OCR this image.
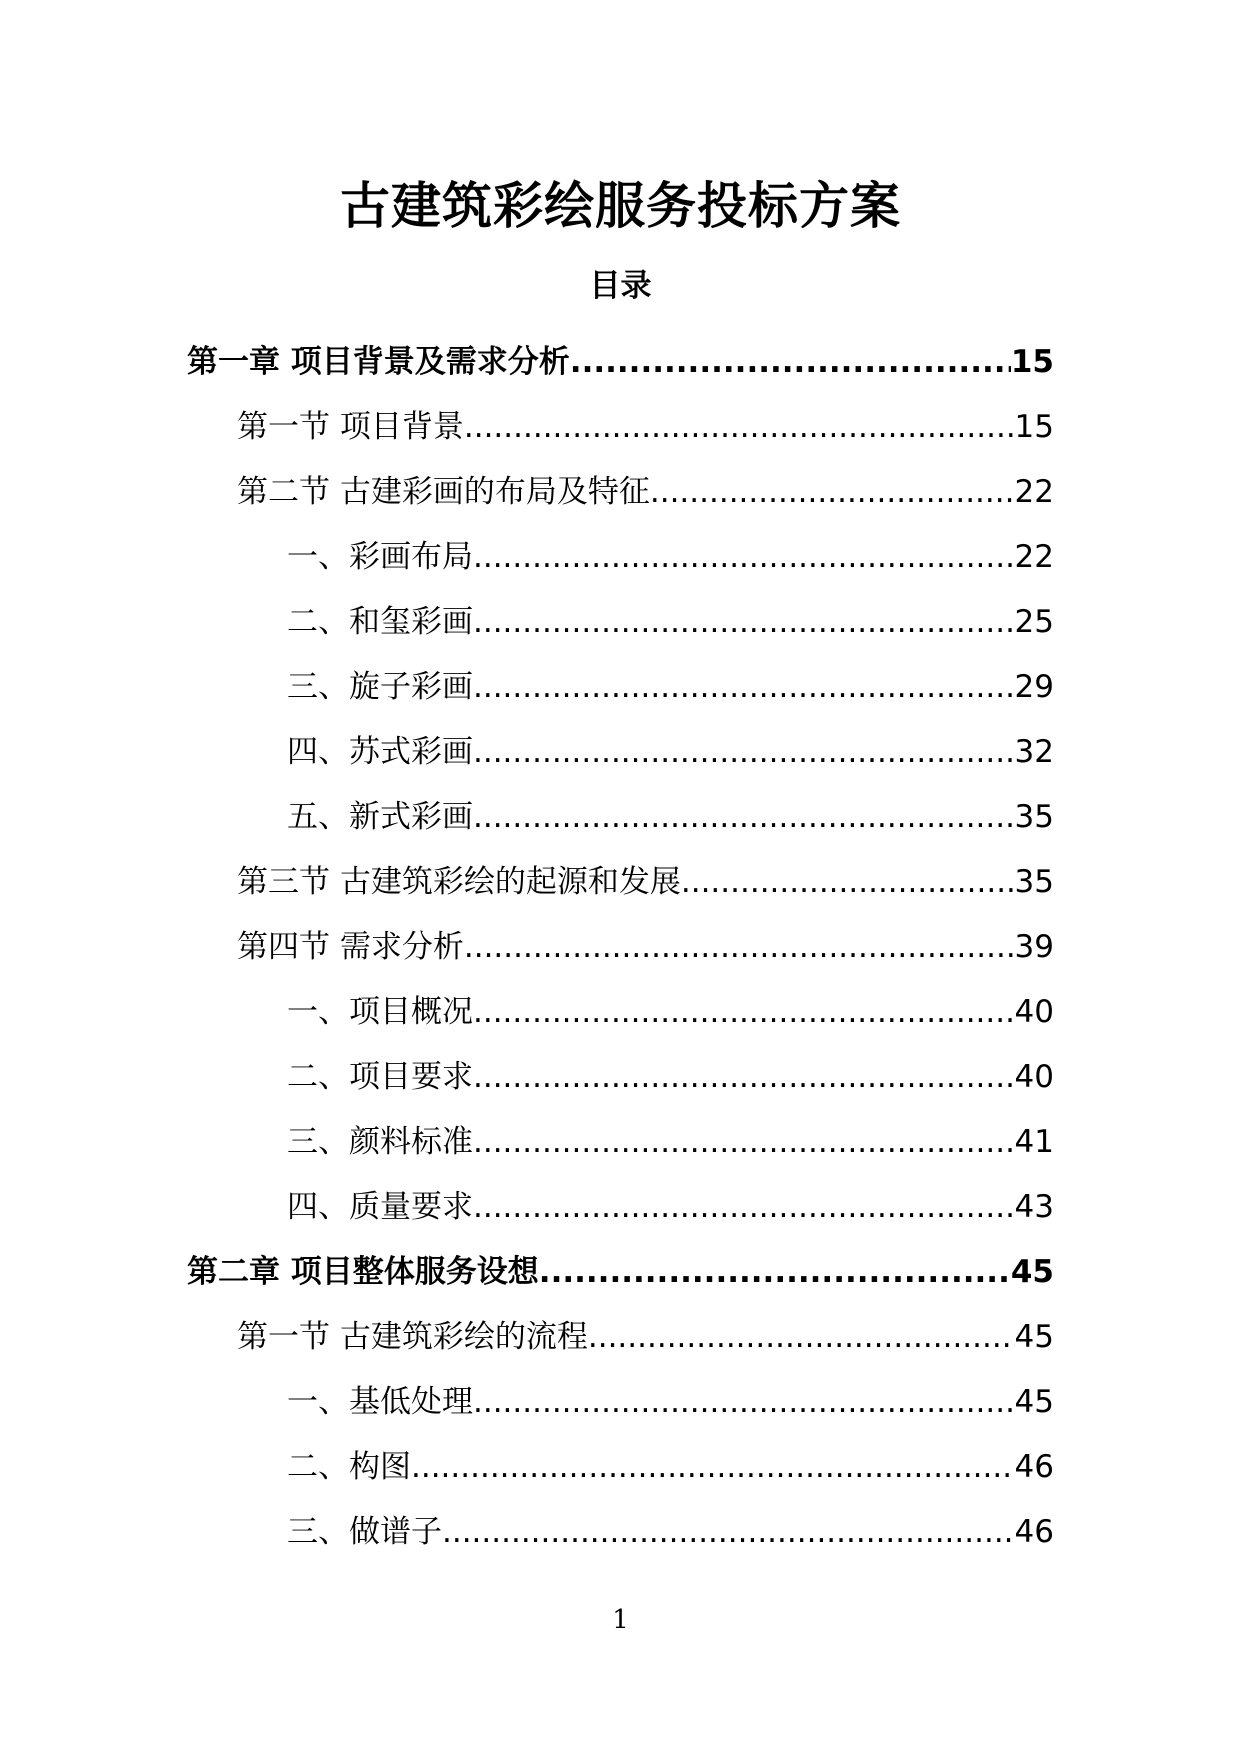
古建筑彩绘服务投标方案
目录
第一章 项目背景及需求分析 .....	15
第一节 项目背景 .....	15
第二节 古建彩画的布局及特征 .....	22
一、彩画布局 .....	22
二、和玺彩画 .....	25
三、旋子彩画 .....	29
四、苏式彩画 .....	32
五、新式彩画 .....	35
第三节 古建筑彩绘的起源和发展 .....	35
第四节 需求分析 .....	39
一、项目概况 .....	40
二、项目要求 .....	40
三、颜料标准 .....	41
四、质量要求 .....	43
第二章 项目整体服务设想 .....	45
第一节 古建筑彩绘的流程 .....	45
一、基低处理 .....	45
二、构图 .....	46
三、做谱子 .....	46
1
